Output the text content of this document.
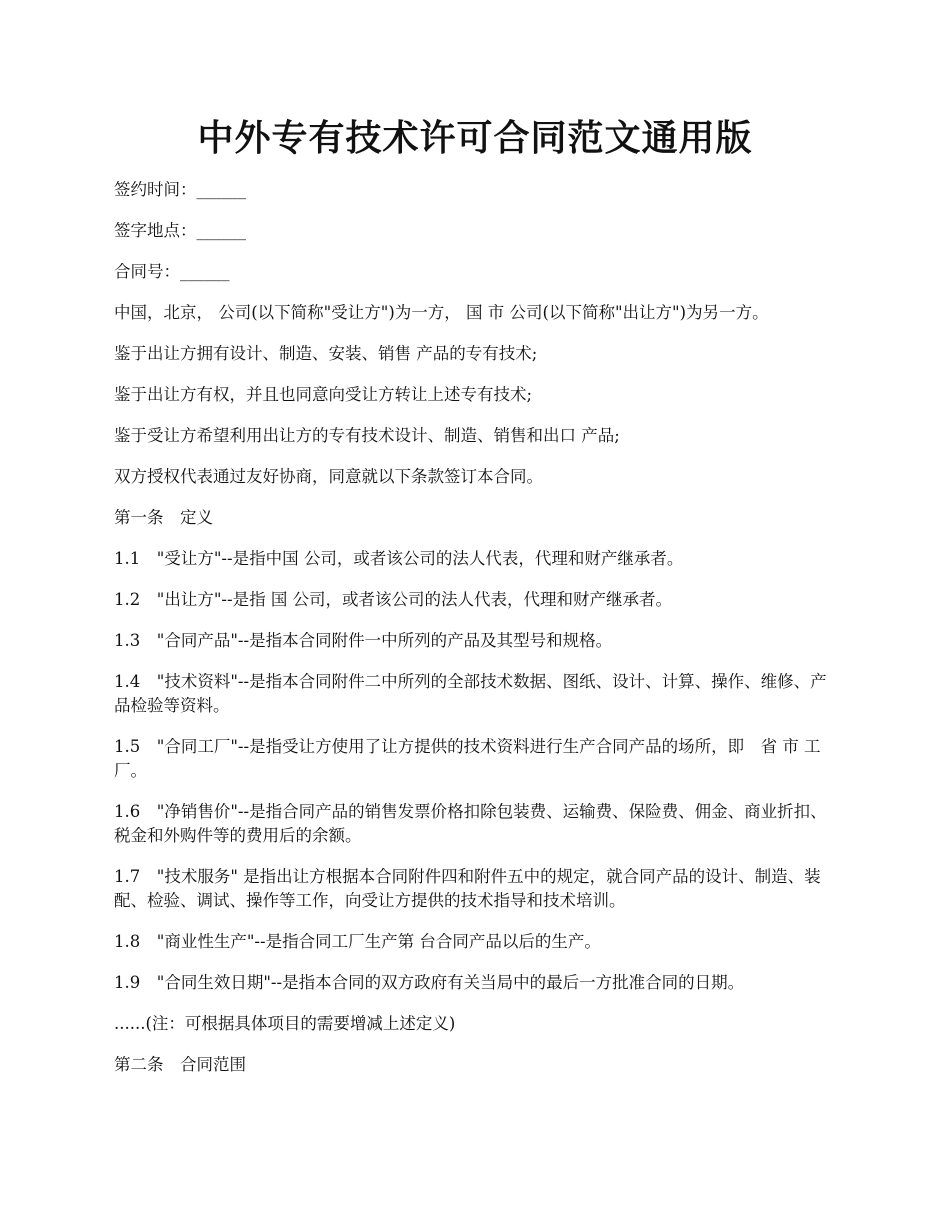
中外专有技术许可合同范文通用版

签约时间：______

签字地点：______

合同号：______

中国，北京， 公司(以下简称"受让方")为一方， 国 市 公司(以下简称"出让方")为另一方。

鉴于出让方拥有设计、制造、安装、销售 产品的专有技术;

鉴于出让方有权，并且也同意向受让方转让上述专有技术;

鉴于受让方希望利用出让方的专有技术设计、制造、销售和出口 产品;

双方授权代表通过友好协商，同意就以下条款签订本合同。

第一条　定义

1.1　"受让方"--是指中国 公司，或者该公司的法人代表，代理和财产继承者。

1.2　"出让方"--是指 国 公司，或者该公司的法人代表，代理和财产继承者。

1.3　"合同产品"--是指本合同附件一中所列的产品及其型号和规格。

1.4　"技术资料"--是指本合同附件二中所列的全部技术数据、图纸、设计、计算、操作、维修、产品检验等资料。

1.5　"合同工厂"--是指受让方使用了让方提供的技术资料进行生产合同产品的场所，即　省 市 工厂。

1.6　"净销售价"--是指合同产品的销售发票价格扣除包装费、运输费、保险费、佣金、商业折扣、税金和外购件等的费用后的余额。

1.7　"技术服务" 是指出让方根据本合同附件四和附件五中的规定，就合同产品的设计、制造、装配、检验、调试、操作等工作，向受让方提供的技术指导和技术培训。

1.8　"商业性生产"--是指合同工厂生产第 台合同产品以后的生产。

1.9　"合同生效日期"--是指本合同的双方政府有关当局中的最后一方批准合同的日期。

......(注：可根据具体项目的需要增减上述定义)

第二条　合同范围
